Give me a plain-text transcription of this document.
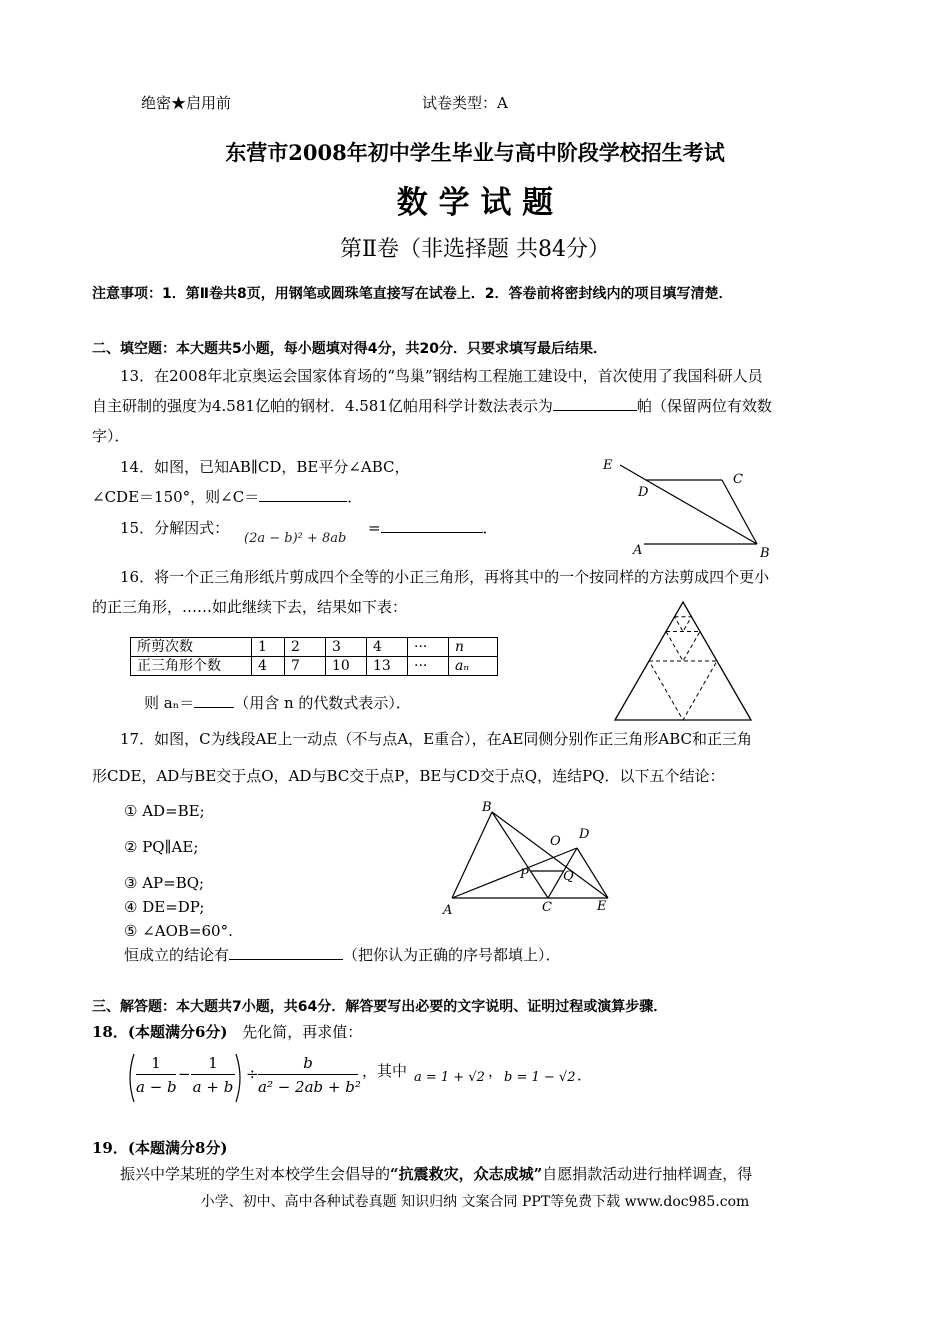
绝密★启用前	试卷类型：A
东营市2008年初中学生毕业与高中阶段学校招生考试
数 学 试 题
第Ⅱ卷（非选择题 共84分）
注意事项：1．第Ⅱ卷共8页，用钢笔或圆珠笔直接写在试卷上．2．答卷前将密封线内的项目填写清楚．
二、填空题：本大题共5小题，每小题填对得4分，共20分．只要求填写最后结果．
13．在2008年北京奥运会国家体育场的“鸟巢”钢结构工程施工建设中，首次使用了我国科研人员
自主研制的强度为4.581亿帕的钢材．4.581亿帕用科学计数法表示为	帕（保留两位有效数
字）．
14．如图，已知AB∥CD，BE平分∠ABC，
∠CDE＝150°，则∠C＝	．
E
C
D
A	B
15．分解因式：
(2a − b)² + 8ab
=	．
16．将一个正三角形纸片剪成四个全等的小正三角形，再将其中的一个按同样的方法剪成四个更小
的正三角形，……如此继续下去，结果如下表：
所剪次数	1	2	3	4	···	n
正三角形个数	4	7	10	13	···	aₙ
则 aₙ＝	（用含 n 的代数式表示）．
17．如图，C为线段AE上一动点（不与点A，E重合），在AE同侧分别作正三角形ABC和正三角
形CDE，AD与BE交于点O，AD与BC交于点P，BE与CD交于点Q，连结PQ．以下五个结论：
① AD=BE;
② PQ∥AE;
③ AP=BQ;
④ DE=DP;
⑤ ∠AOB=60°.
恒成立的结论有	（把你认为正确的序号都填上）．
B
O D
P	Q
A	C	E
三、解答题：本大题共7小题，共64分．解答要写出必要的文字说明、证明过程或演算步骤．
18．(本题满分6分) 先化简，再求值：
1
a − b
−
1
a + b
÷
b
a² − 2ab + b²
，其中 a = 1 + √2 ， b = 1 − √2 ．
19．(本题满分8分)
振兴中学某班的学生对本校学生会倡导的“抗震救灾，众志成城”自愿捐款活动进行抽样调查，得
小学、初中、高中各种试卷真题 知识归纳 文案合同 PPT等免费下载 www.doc985.com
